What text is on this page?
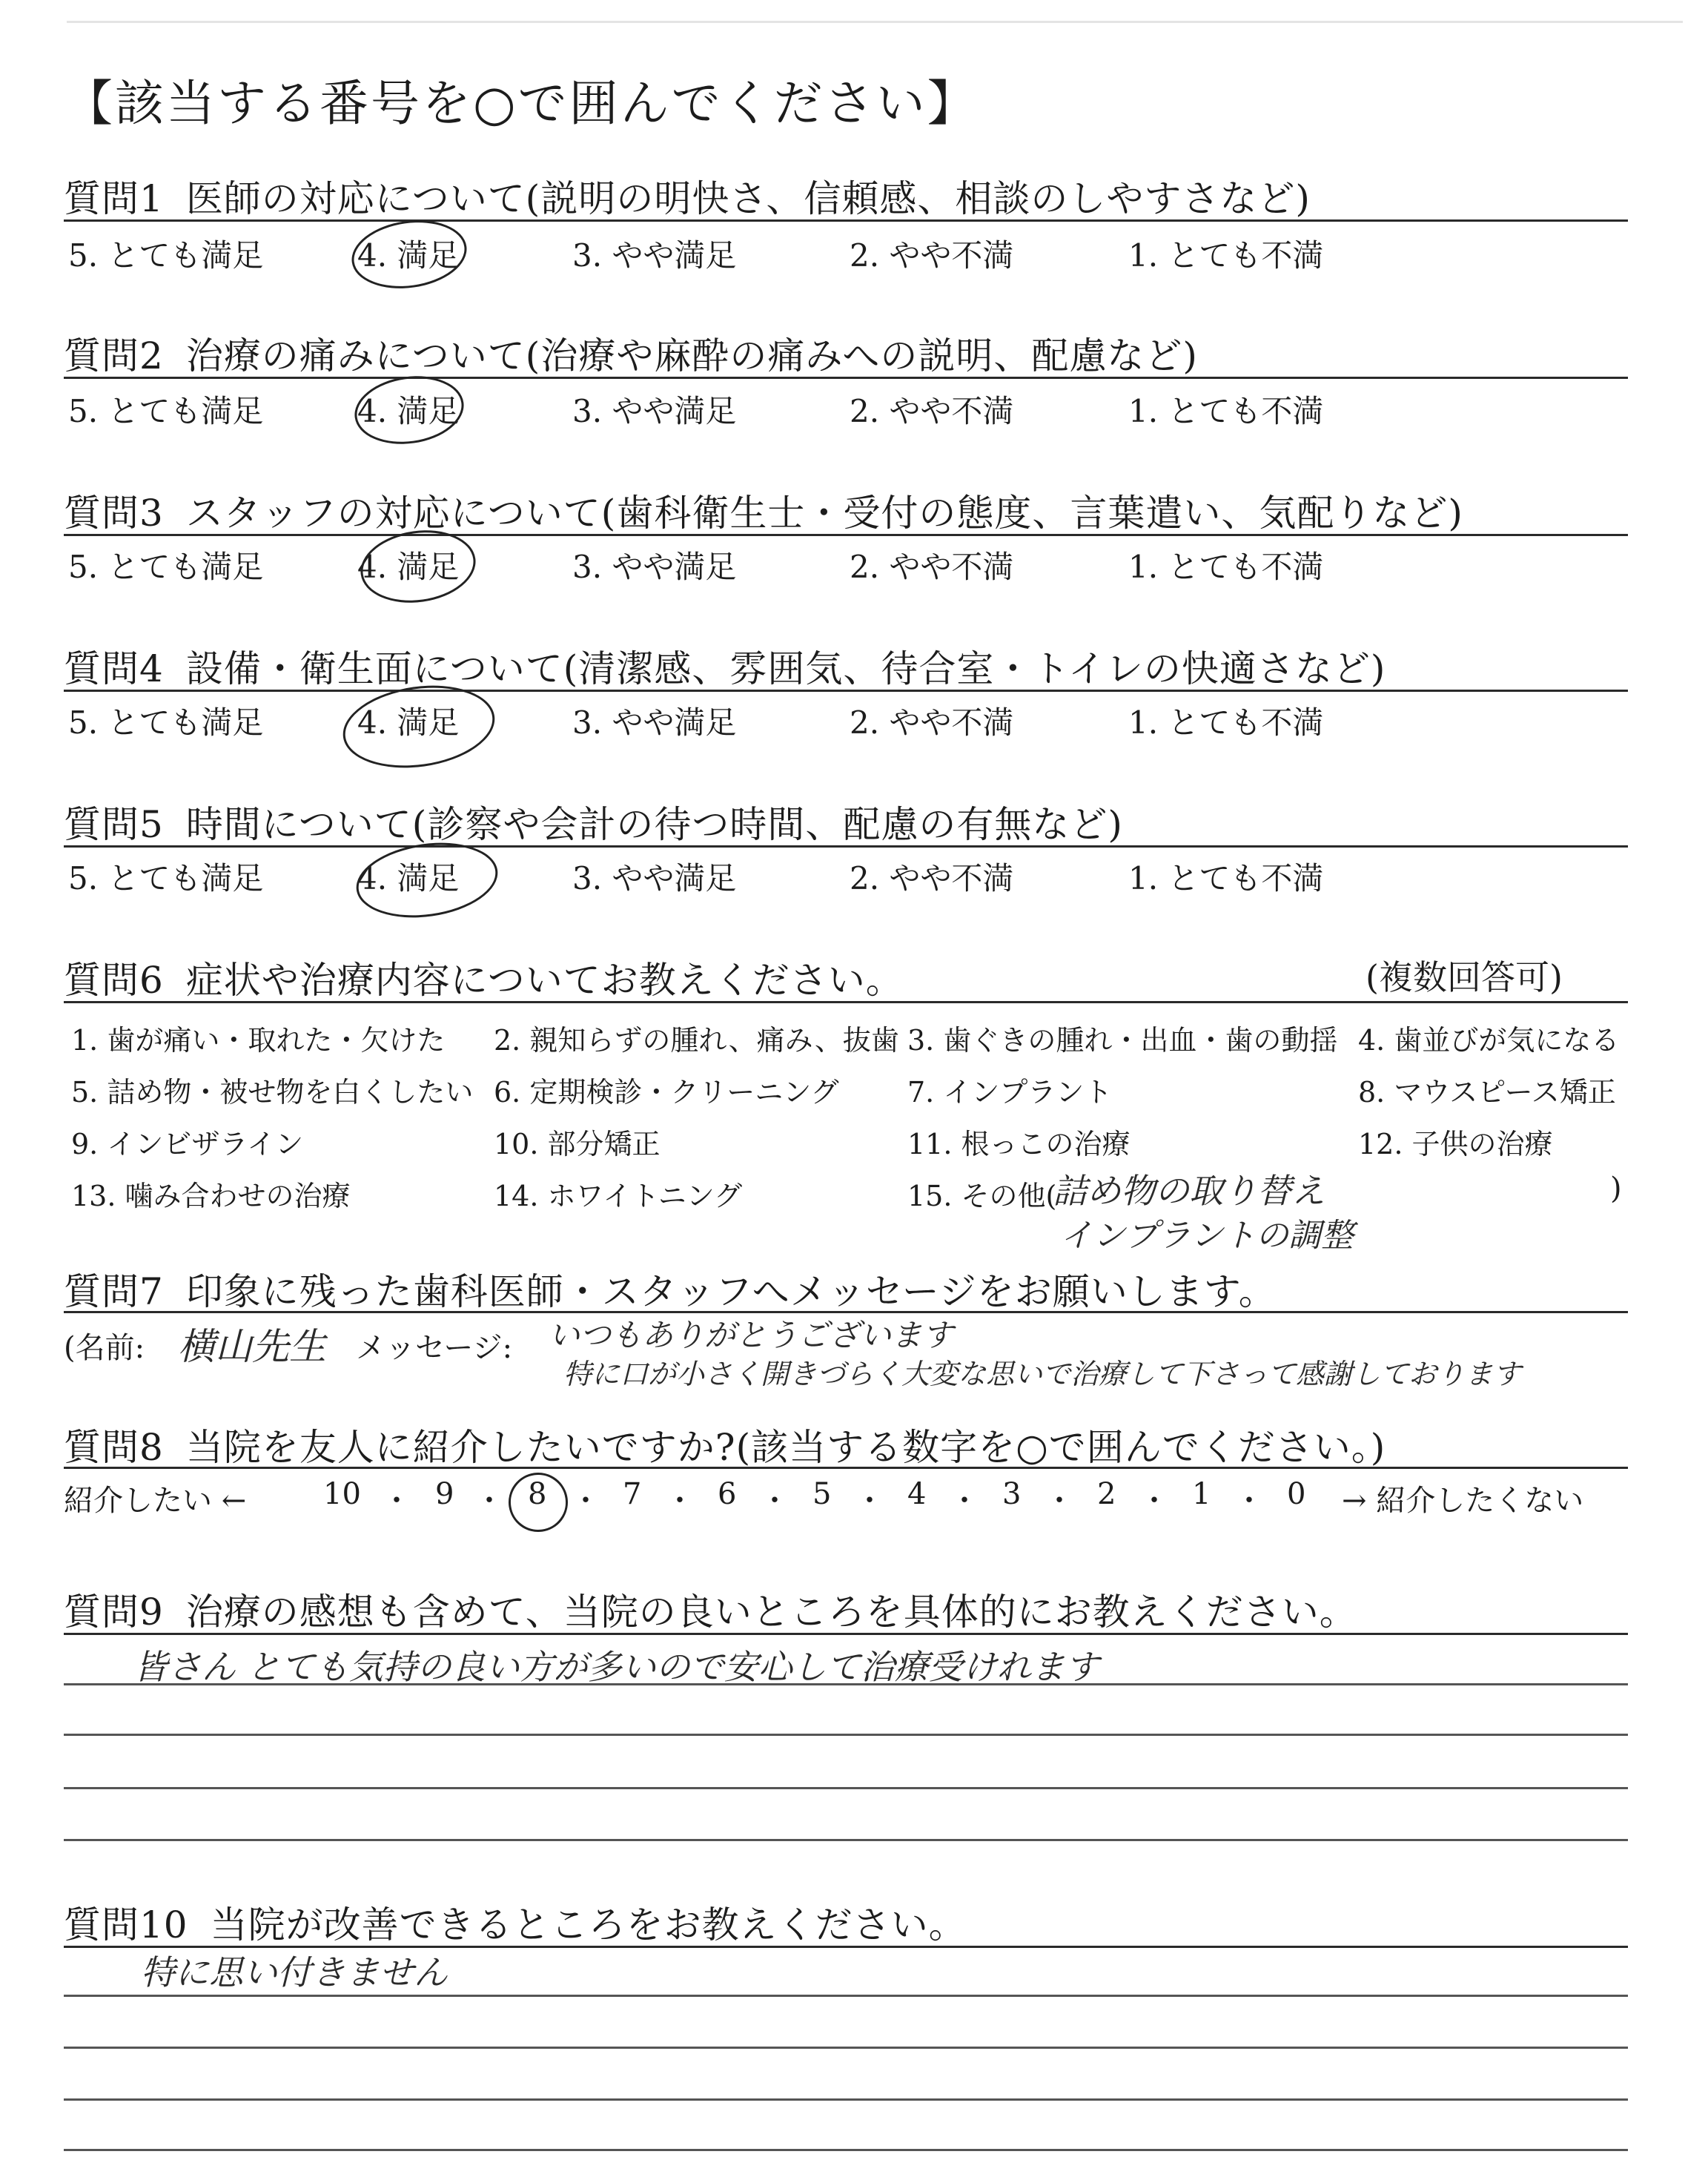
【該当する番号を○で囲んでください】
質問1 医師の対応について(説明の明快さ、信頼感、相談のしやすさなど)
5. とても満足	4. 満足	3. やや満足	2. やや不満	1. とても不満
質問2 治療の痛みについて(治療や麻酔の痛みへの説明、配慮など)
5. とても満足	4. 満足	3. やや満足	2. やや不満	1. とても不満
質問3 スタッフの対応について(歯科衛生士・受付の態度、言葉遣い、気配りなど)
5. とても満足	4. 満足	3. やや満足	2. やや不満	1. とても不満
質問4 設備・衛生面について(清潔感、雰囲気、待合室・トイレの快適さなど)
5. とても満足	4. 満足	3. やや満足	2. やや不満	1. とても不満
質問5 時間について(診察や会計の待つ時間、配慮の有無など)
5. とても満足	4. 満足	3. やや満足	2. やや不満	1. とても不満
質問6 症状や治療内容についてお教えください。	(複数回答可)
1. 歯が痛い・取れた・欠けた 2. 親知らずの腫れ、痛み、抜歯 3. 歯ぐきの腫れ・出血・歯の動揺 4. 歯並びが気になる
5. 詰め物・被せ物を白くしたい 6. 定期検診・クリーニング 7. インプラント	8. マウスピース矯正
9. インビザライン	10. 部分矯正	11. 根っこの治療	12. 子供の治療
13. 噛み合わせの治療	14. ホワイトニング	15. その他(	)
詰め物の取り替え
インプラントの調整
質問7 印象に残った歯科医師・スタッフへメッセージをお願いします。
(名前: 横山先生 メッセージ: いつもありがとうございます
特に口が小さく開きづらく大変な思いで治療して下さって感謝しております
質問8 当院を友人に紹介したいですか?(該当する数字を○で囲んでください。)
紹介したい ←	10 ・ 9 ・ 8 ・ 7 ・ 6 ・ 5 ・ 4 ・ 3 ・ 2 ・ 1 ・ 0 → 紹介したくない
質問9 治療の感想も含めて、当院の良いところを具体的にお教えください。
皆さん とても気持の良い方が多いので安心して治療受けれます
質問10 当院が改善できるところをお教えください。
特に思い付きません
